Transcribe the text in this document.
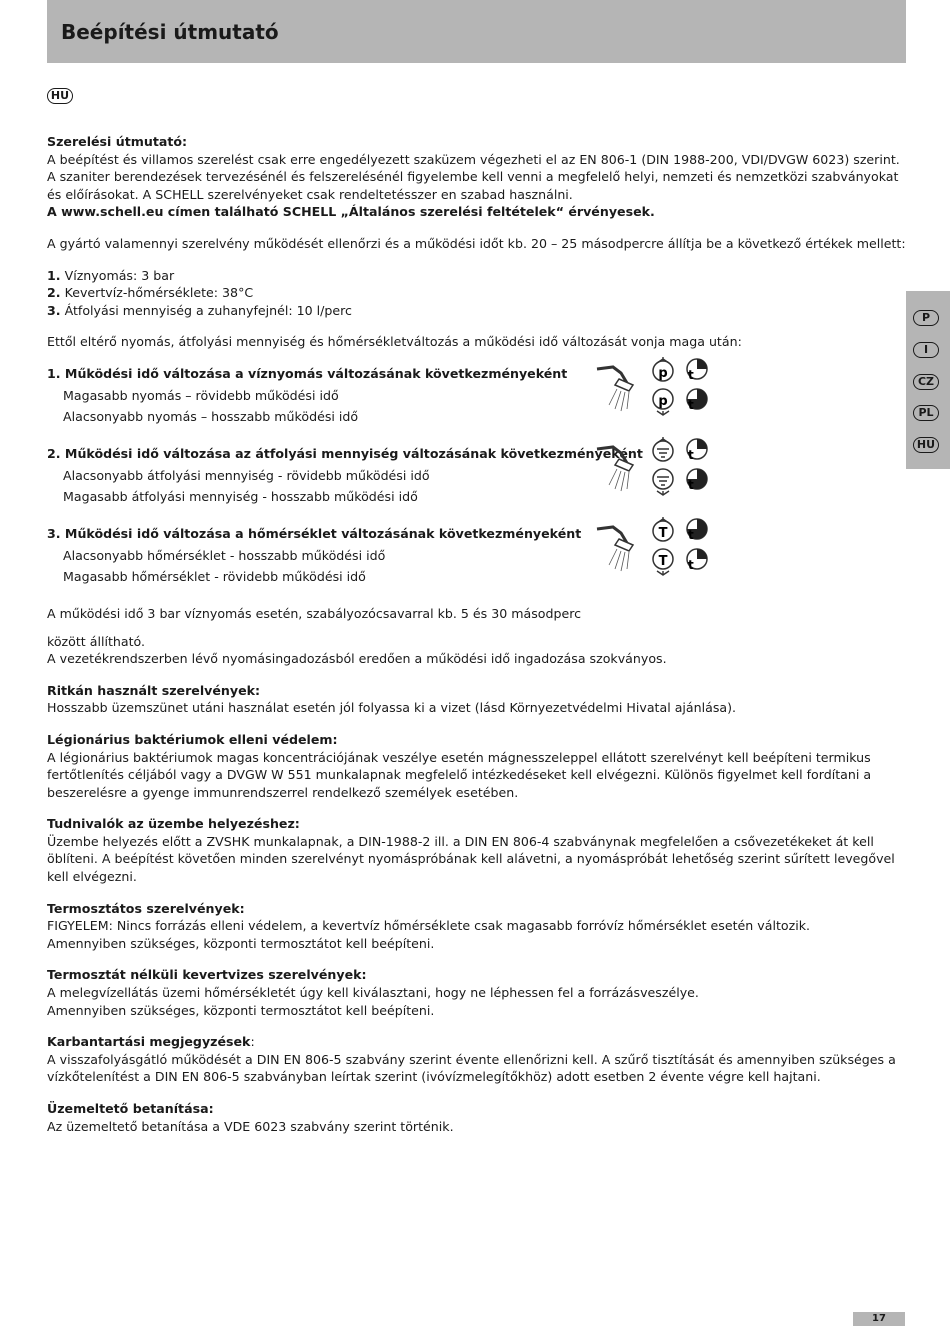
Beépítési útmutató
HU
P
I
CZ
PL
HU

Szerelési útmutató:

A beépítést és villamos szerelést csak erre engedélyezett szaküzem végezheti el az EN 806-1 (DIN 1988-200, VDI/DVGW 6023) szerint.

A szaniter berendezések tervezésénél és felszerelésénél figyelembe kell venni a megfelelő helyi, nemzeti és nemzetközi szabványokat és előírásokat. A SCHELL szerelvényeket csak rendeltetésszer en szabad használni.

A www.schell.eu címen található SCHELL „Általános szerelési feltételek“ érvényesek.

A gyártó valamennyi szerelvény működését ellenőrzi és a működési időt kb. 20 – 25 másodpercre állítja be a következő értékek mellett:

1. Víznyomás: 3 bar

2. Kevertvíz-hőmérséklete: 38°C

3. Átfolyási mennyiség a zuhanyfejnél: 10 l/perc

Ettől eltérő nyomás, átfolyási mennyiség és hőmérsékletváltozás a működési idő változását vonja maga után:

1. Működési idő változása a víznyomás változásának következményeként

Magasabb nyomás – rövidebb működési idő

Alacsonyabb nyomás – hosszabb működési idő

p
p
t
t

2. Működési idő változása az átfolyási mennyiség változásának következményeként

Alacsonyabb átfolyási mennyiség - rövidebb működési idő

Magasabb átfolyási mennyiség - hosszabb működési idő

t
t

3. Működési idő változása a hőmérséklet változásának következményeként

Alacsonyabb hőmérséklet - hosszabb működési idő

Magasabb hőmérséklet - rövidebb működési idő

T
T
t
t

A működési idő 3 bar víznyomás esetén, szabályozócsavarral kb. 5 és 30 másodperc

között állítható.

A vezetékrendszerben lévő nyomásingadozásból eredően a működési idő ingadozása szokványos.

Ritkán használt szerelvények:

Hosszabb üzemszünet utáni használat esetén jól folyassa ki a vizet (lásd Környezetvédelmi Hivatal ajánlása).

Légionárius baktériumok elleni védelem:

A légionárius baktériumok magas koncentrációjának veszélye esetén mágnesszeleppel ellátott szerelvényt kell beépíteni termikus fertőtlenítés céljából vagy a DVGW W 551 munkalapnak megfelelő intézkedéseket kell elvégezni. Különös figyelmet kell fordítani a beszerelésre a gyenge immunrendszerrel rendelkező személyek esetében.

Tudnivalók az üzembe helyezéshez:

Üzembe helyezés előtt a ZVSHK munkalapnak, a DIN-1988-2 ill. a DIN EN 806-4 szabványnak megfelelően a csővezetékeket át kell öblíteni. A beépítést követően minden szerelvényt nyomáspróbának kell alávetni, a nyomáspróbát lehetőség szerint sűrített levegővel kell elvégezni.

Termosztátos szerelvények:

FIGYELEM: Nincs forrázás elleni védelem, a kevertvíz hőmérséklete csak magasabb forróvíz hőmérséklet esetén változik.

Amennyiben szükséges, központi termosztátot kell beépíteni.

Termosztát nélküli kevertvizes szerelvények:

A melegvízellátás üzemi hőmérsékletét úgy kell kiválasztani, hogy ne léphessen fel a forrázásveszélye.

Amennyiben szükséges, központi termosztátot kell beépíteni.

Karbantartási megjegyzések:

A visszafolyásgátló működését a DIN EN 806-5 szabvány szerint évente ellenőrizni kell. A szűrő tisztítását és amennyiben szükséges a vízkőtelenítést a DIN EN 806-5 szabványban leírtak szerint (ivóvízmelegítőkhöz) adott esetben 2 évente végre kell hajtani.

Üzemeltető betanítása:

Az üzemeltető betanítása a VDE 6023 szabvány szerint történik.

17
